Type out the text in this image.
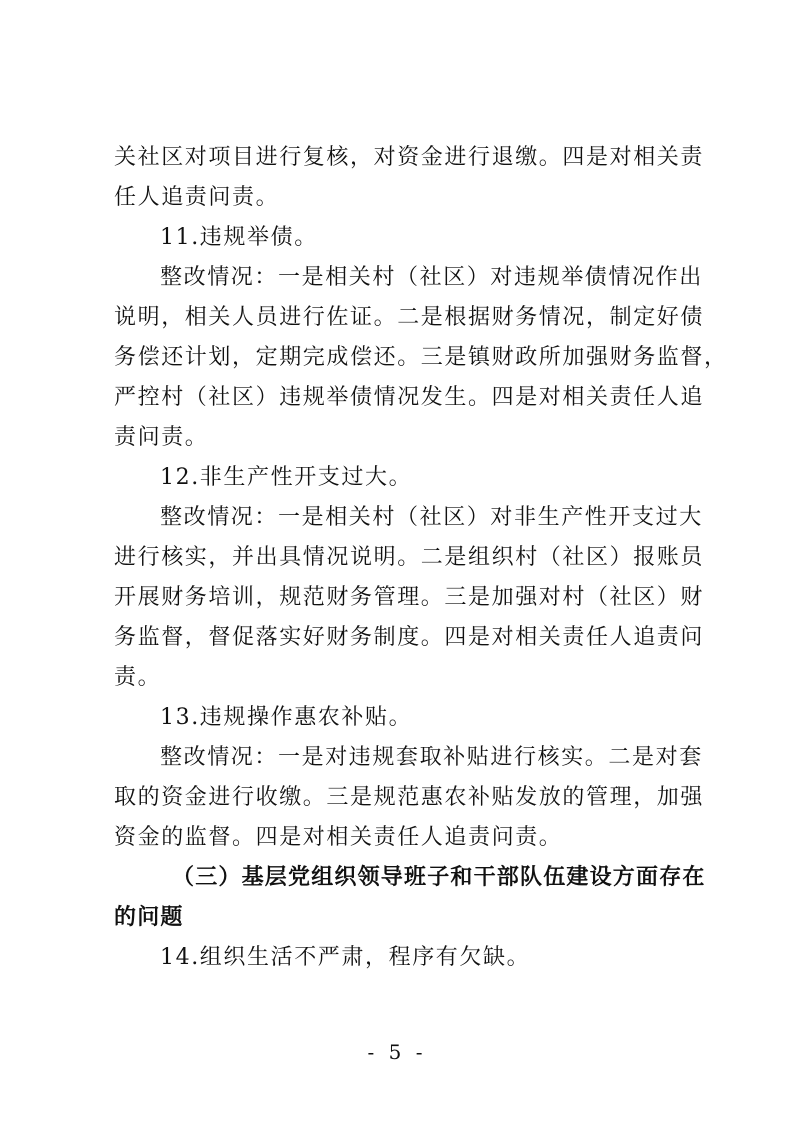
关社区对项目进行复核，对资金进行退缴。四是对相关责
任人追责问责。
11.违规举债。
整改情况：一是相关村（社区）对违规举债情况作出
说明，相关人员进行佐证。二是根据财务情况，制定好债
务偿还计划，定期完成偿还。三是镇财政所加强财务监督，
严控村（社区）违规举债情况发生。四是对相关责任人追
责问责。
12.非生产性开支过大。
整改情况：一是相关村（社区）对非生产性开支过大
进行核实，并出具情况说明。二是组织村（社区）报账员
开展财务培训，规范财务管理。三是加强对村（社区）财
务监督，督促落实好财务制度。四是对相关责任人追责问
责。
13.违规操作惠农补贴。
整改情况：一是对违规套取补贴进行核实。二是对套
取的资金进行收缴。三是规范惠农补贴发放的管理，加强
资金的监督。四是对相关责任人追责问责。
（三）基层党组织领导班子和干部队伍建设方面存在
的问题
14.组织生活不严肃，程序有欠缺。
- 5 -
